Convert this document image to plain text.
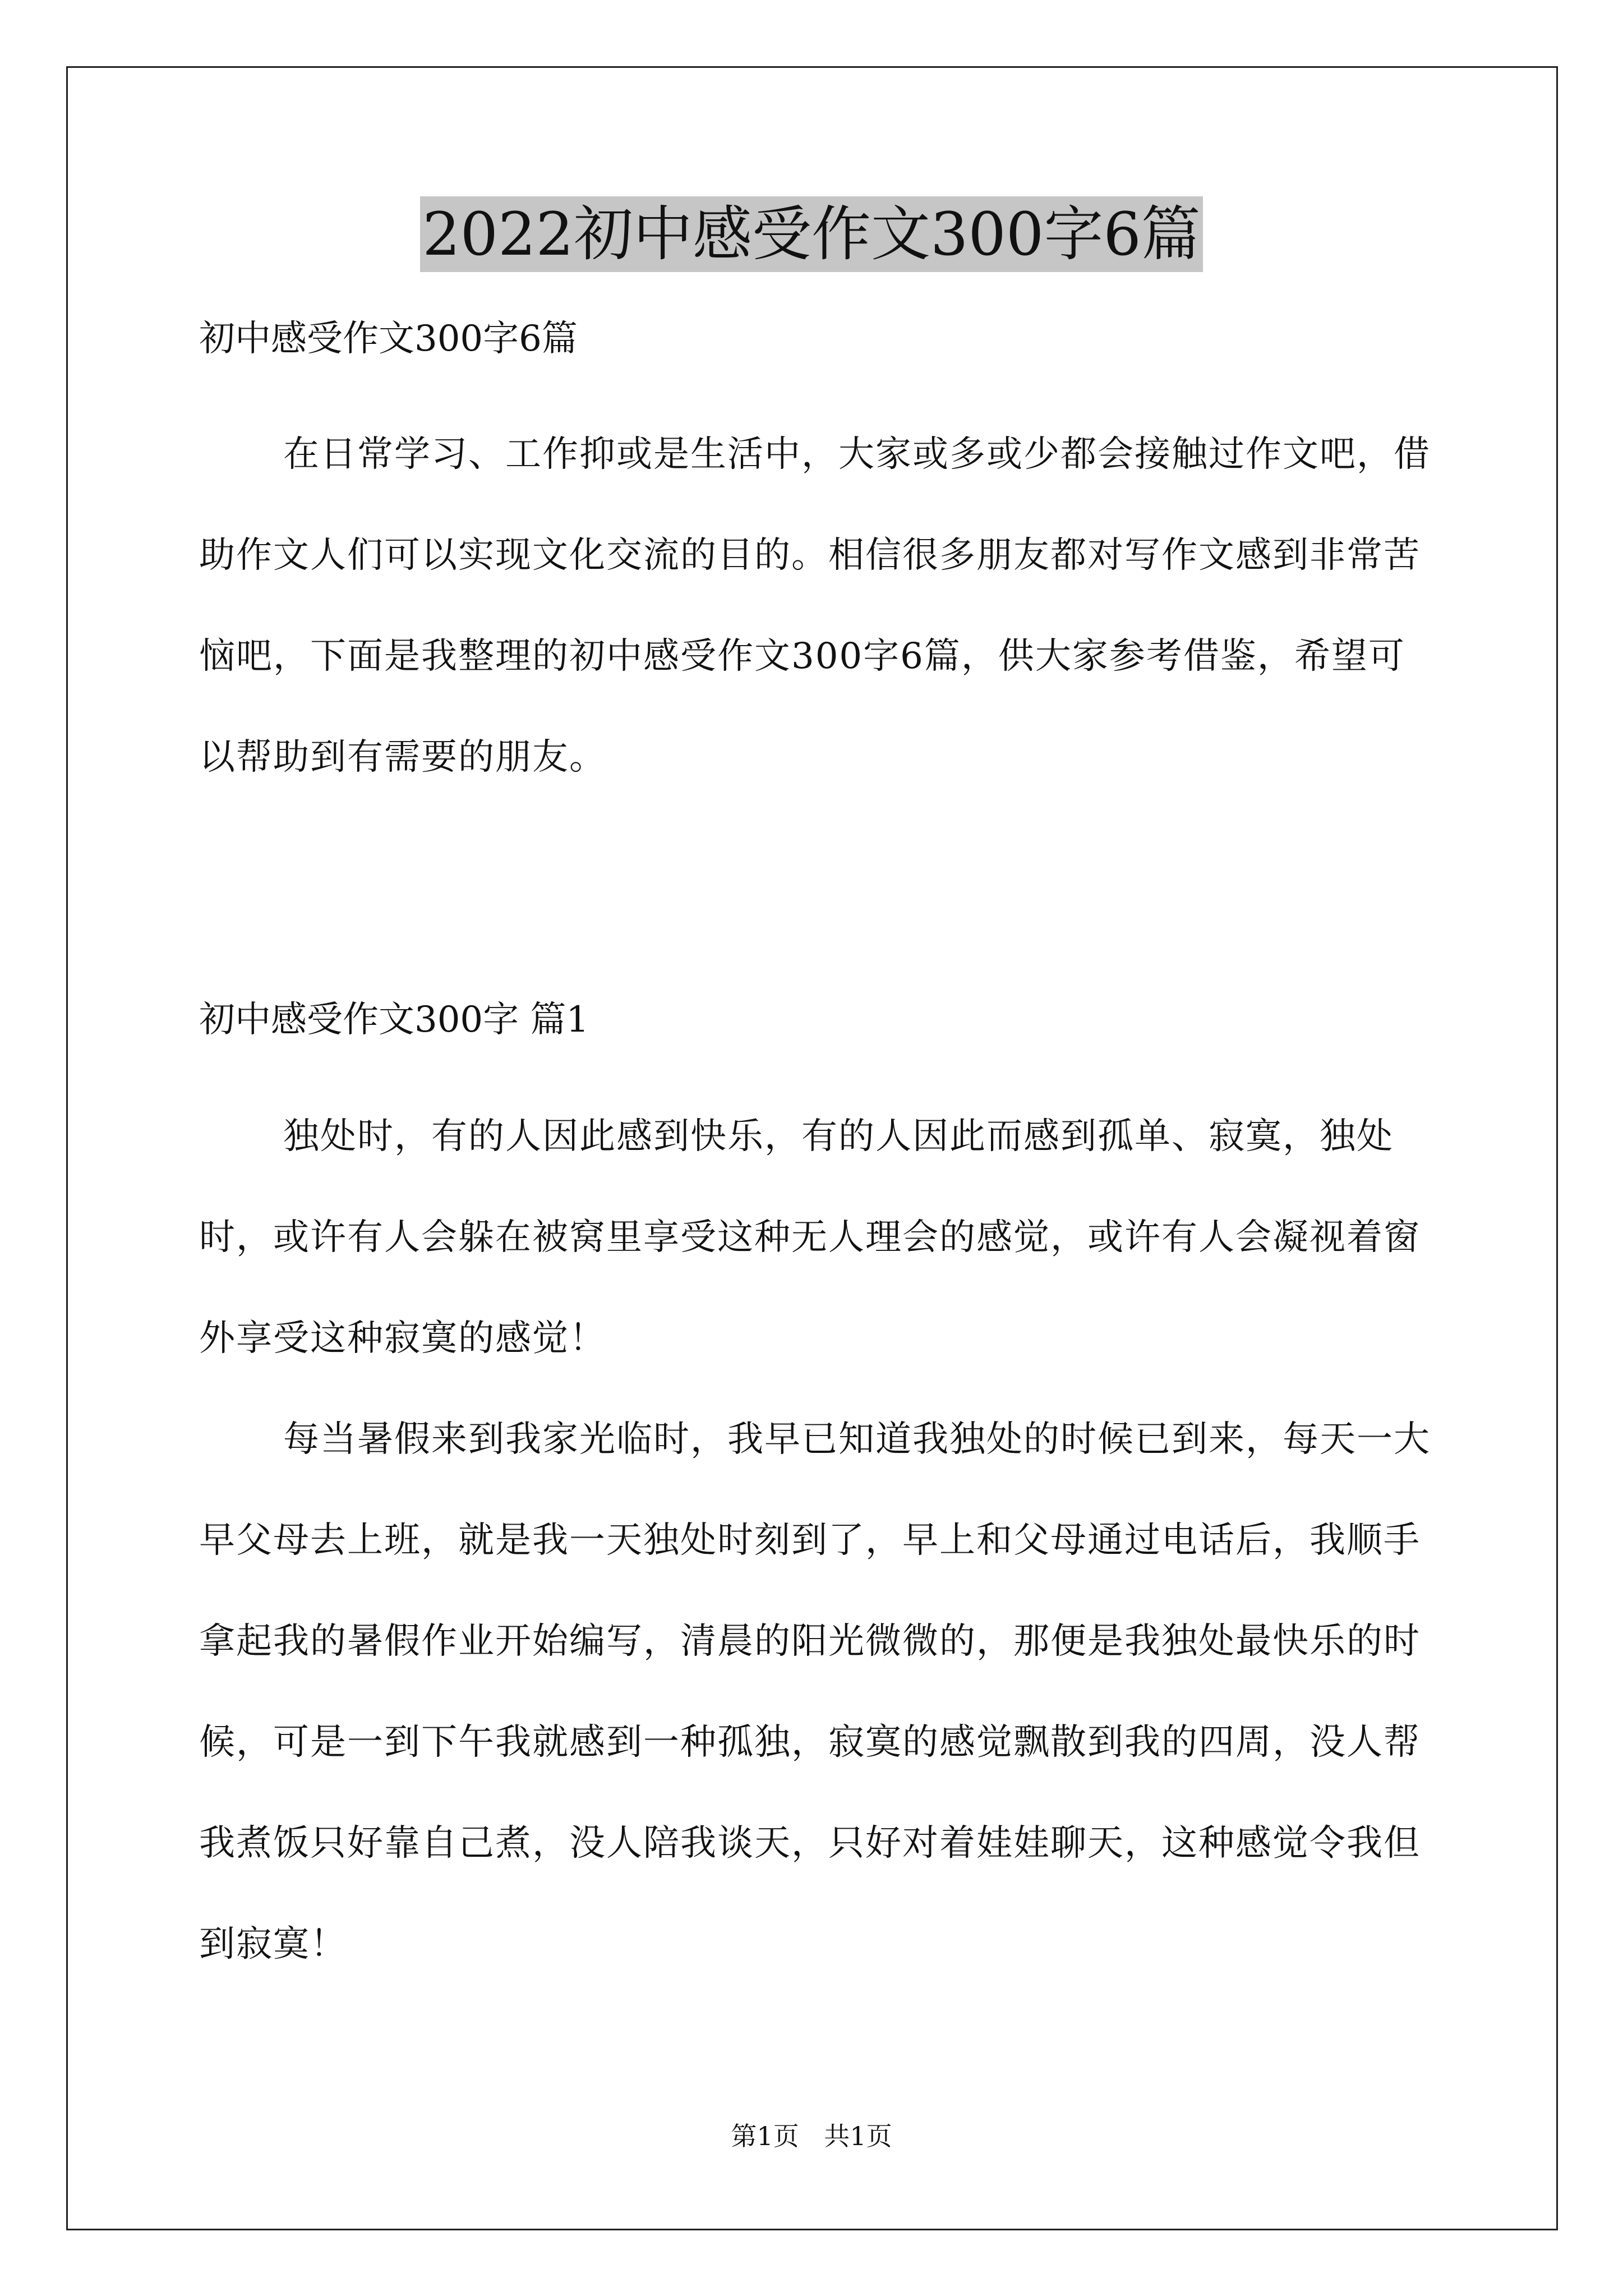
2022初中感受作文300字6篇
初中感受作文300字6篇

在日常学习、工作抑或是生活中，大家或多或少都会接触过作文吧，借助作文人们可以实现文化交流的目的。相信很多朋友都对写作文感到非常苦恼吧，下面是我整理的初中感受作文300字6篇，供大家参考借鉴，希望可以帮助到有需要的朋友。

初中感受作文300字 篇1

独处时，有的人因此感到快乐，有的人因此而感到孤单、寂寞，独处时，或许有人会躲在被窝里享受这种无人理会的感觉，或许有人会凝视着窗外享受这种寂寞的感觉！

每当暑假来到我家光临时，我早已知道我独处的时候已到来，每天一大早父母去上班，就是我一天独处时刻到了，早上和父母通过电话后，我顺手拿起我的暑假作业开始编写，清晨的阳光微微的，那便是我独处最快乐的时候，可是一到下午我就感到一种孤独，寂寞的感觉飘散到我的四周，没人帮我煮饭只好靠自己煮，没人陪我谈天，只好对着娃娃聊天，这种感觉令我但到寂寞！

第1页 共1页
